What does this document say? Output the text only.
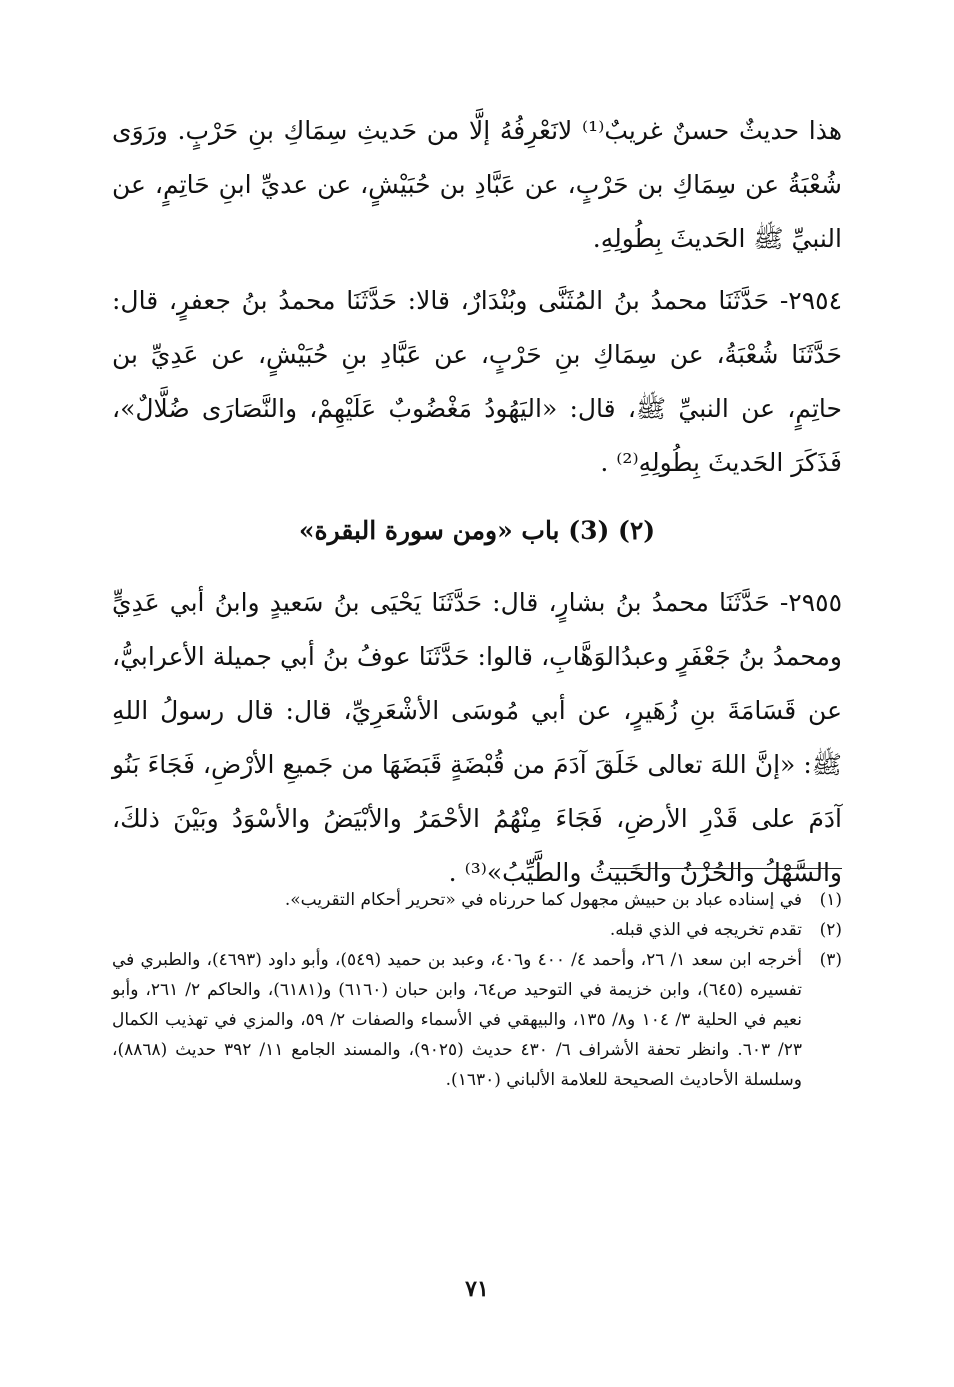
هذا حديثٌ حسنٌ غريبٌ⁽¹⁾ لانَعْرِفُهُ إلَّا من حَديثِ سِمَاكِ بنِ حَرْبٍ. ورَوَى شُعْبَةُ عن سِمَاكِ بن حَرْبٍ، عن عَبَّادِ بن حُبَيْشٍ، عن عديِّ ابنِ حَاتِمٍ، عن النبيِّ ﷺ الحَديثَ بِطُولِهِ.

٢٩٥٤- حَدَّثَنَا محمدُ بنُ المُثَنَّى وبُنْدَارٌ، قالا: حَدَّثَنَا محمدُ بنُ جعفرٍ، قال: حَدَّثَنَا شُعْبَةُ، عن سِمَاكِ بنِ حَرْبٍ، عن عَبَّادِ بنِ حُبَيْشٍ، عن عَدِيِّ بن حاتِمٍ، عن النبيِّ ﷺ، قال: «اليَهُودُ مَغْضُوبٌ عَلَيْهِمْ، والنَّصَارَى ضُلَّالٌ»، فَذَكَرَ الحَديثَ بِطُولِهِ⁽²⁾ .

(٢) (3) باب «ومن سورة البقرة»

٢٩٥٥- حَدَّثَنَا محمدُ بنُ بشارٍ، قال: حَدَّثَنَا يَحْيَى بنُ سَعيدٍ وابنُ أبي عَدِيٍّ ومحمدُ بنُ جَعْفَرٍ وعبدُالوَهَّابِ، قالوا: حَدَّثَنَا عوفُ بنُ أبي جميلة الأعرابيُّ، عن قَسَامَةَ بنِ زُهَيرٍ، عن أبي مُوسَى الأشْعَرِيِّ، قال: قال رسولُ اللهِ ﷺ: «إنَّ اللهَ تعالى خَلَقَ آدَمَ من قُبْضَةٍ قَبَضَهَا من جَميعِ الأرْضِ، فَجَاءَ بَنُو آدَمَ على قَدْرِ الأرضِ، فَجَاءَ مِنْهُمُ الأحْمَرُ والأبْيَضُ والأسْوَدُ وبَيْنَ ذلكَ، والسَّهْلُ والحُزْنُ والخَبيثُ والطَّيِّبُ»⁽³⁾ .

(١)
في إسناده عباد بن حبيش مجهول كما حررناه في «تحرير أحكام التقريب».
(٢)
تقدم تخريجه في الذي قبله.
(٣)
أخرجه ابن سعد ١/ ٢٦، وأحمد ٤/ ٤٠٠ و٤٠٦، وعبد بن حميد (٥٤٩)، وأبو داود (٤٦٩٣)، والطبري في تفسيره (٦٤٥)، وابن خزيمة في التوحيد ص٦٤، وابن حبان (٦١٦٠) و(٦١٨١)، والحاكم ٢/ ٢٦١، وأبو نعيم في الحلية ٣/ ١٠٤ و٨/ ١٣٥، والبيهقي في الأسماء والصفات ٢/ ٥٩، والمزي في تهذيب الكمال ٢٣/ ٦٠٣. وانظر تحفة الأشراف ٦/ ٤٣٠ حديث (٩٠٢٥)، والمسند الجامع ١١/ ٣٩٢ حديث (٨٨٦٨)، وسلسلة الأحاديث الصحيحة للعلامة الألباني (١٦٣٠).
٧١
